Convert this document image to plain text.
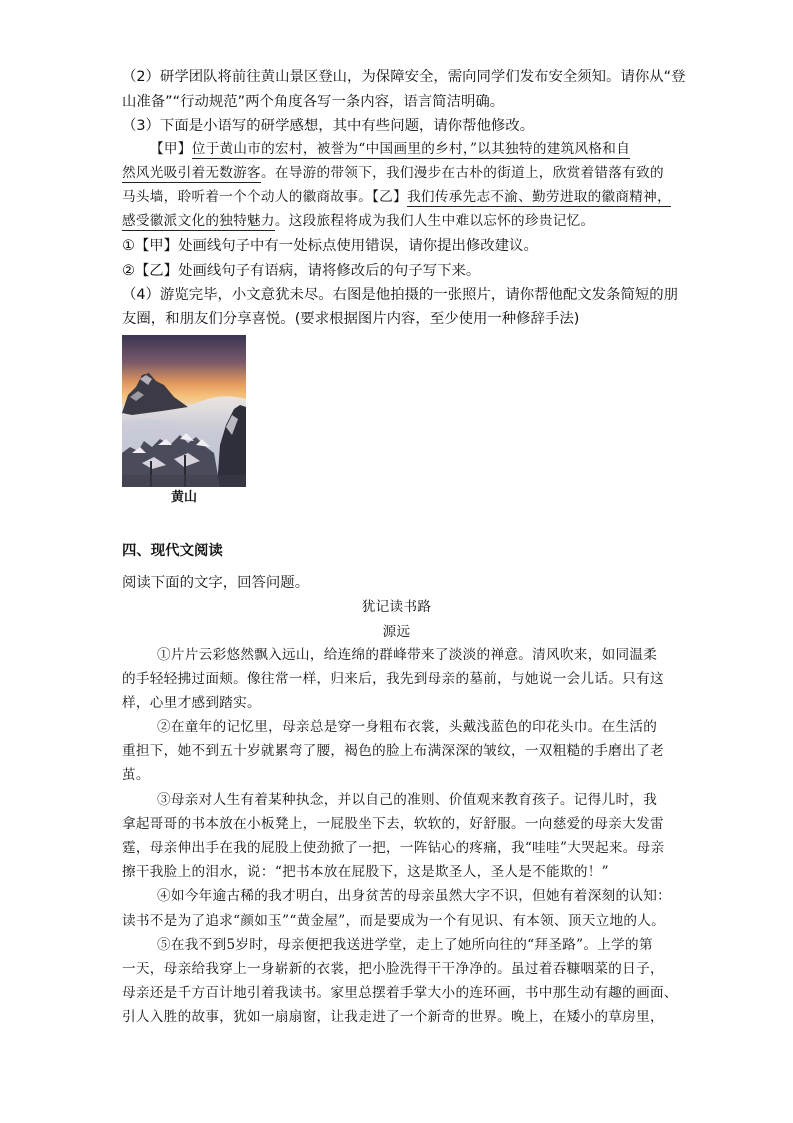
（2）研学团队将前往黄山景区登山，为保障安全，需向同学们发布安全须知。请你从“登
山准备”“行动规范”两个角度各写一条内容，语言简洁明确。
（3）下面是小语写的研学感想，其中有些问题，请你帮他修改。
【甲】位于黄山市的宏村，被誉为“中国画里的乡村，”以其独特的建筑风格和自
然风光吸引着无数游客。在导游的带领下，我们漫步在古朴的街道上，欣赏着错落有致的
马头墙，聆听着一个个动人的徽商故事。【乙】我们传承先志不渝、勤劳进取的徽商精神，
感受徽派文化的独特魅力。这段旅程将成为我们人生中难以忘怀的珍贵记忆。
①【甲】处画线句子中有一处标点使用错误，请你提出修改建议。
②【乙】处画线句子有语病，请将修改后的句子写下来。
（4）游览完毕，小文意犹未尽。右图是他拍摄的一张照片，请你帮他配文发条简短的朋
友圈，和朋友们分享喜悦。(要求根据图片内容，至少使用一种修辞手法)
黄山
四、现代文阅读
阅读下面的文字，回答问题。
犹记读书路
源远
①片片云彩悠然飘入远山，给连绵的群峰带来了淡淡的禅意。清风吹来，如同温柔
的手轻轻拂过面颊。像往常一样，归来后，我先到母亲的墓前，与她说一会儿话。只有这
样，心里才感到踏实。
②在童年的记忆里，母亲总是穿一身粗布衣裳，头戴浅蓝色的印花头巾。在生活的
重担下，她不到五十岁就累弯了腰，褐色的脸上布满深深的皱纹，一双粗糙的手磨出了老
茧。
③母亲对人生有着某种执念，并以自己的准则、价值观来教育孩子。记得儿时，我
拿起哥哥的书本放在小板凳上，一屁股坐下去，软软的，好舒服。一向慈爱的母亲大发雷
霆，母亲伸出手在我的屁股上使劲掀了一把，一阵钻心的疼痛，我“哇哇”大哭起来。母亲
擦干我脸上的泪水，说：“把书本放在屁股下，这是欺圣人，圣人是不能欺的！”
④如今年逾古稀的我才明白，出身贫苦的母亲虽然大字不识，但她有着深刻的认知：
读书不是为了追求“颜如玉”“黄金屋”，而是要成为一个有见识、有本领、顶天立地的人。
⑤在我不到5岁时，母亲便把我送进学堂，走上了她所向往的“拜圣路”。上学的第
一天，母亲给我穿上一身崭新的衣裳，把小脸洗得干干净净的。虽过着吞糠咽菜的日子，
母亲还是千方百计地引着我读书。家里总摆着手掌大小的连环画，书中那生动有趣的画面、
引人入胜的故事，犹如一扇扇窗，让我走进了一个新奇的世界。晚上，在矮小的草房里，
